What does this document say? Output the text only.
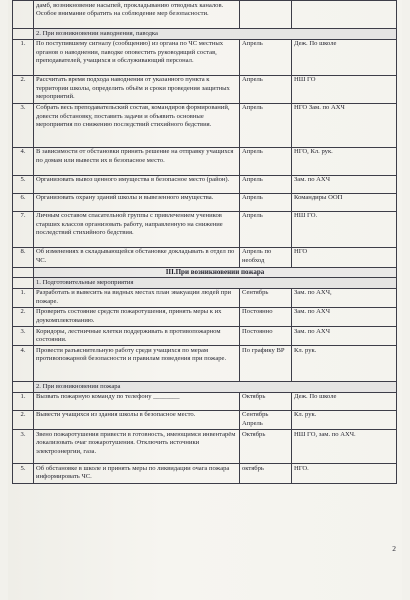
	дамб, возникновение насыпей, прокладыванию отводных каналов. Особое внимание обратить на соблюдение мер безопасности.		
	2. При возникновении наводнения, паводка		
1.	По поступившему сигналу (сообщению) из органа по ЧС местных органов о наводнении, паводке оповестить руководящий состав, преподавателей, учащихся и обслуживающий персонал.	Апрель	Деж. По школе
2.	Рассчитать время подхода наводнения от указанного пункта к территории школы, определить объём и сроки проведения защитных мероприятий.	Апрель	НШ ГО
3.	Собрать весь преподавательский состав, командиров формирований, довести обстановку, поставить задачи и объявить основные мероприятия по снижению последствий стихийного бедствия.	Апрель	НГО Зам. по АХЧ
4.	В зависимости от обстановки принять решение на отправку учащихся по домам или вывести их в безопасное место.	Апрель	НГО, Кл. рук.
5.	Организовать вывоз ценного имущества в безопасное место (район).	Апрель	Зам. по АХЧ
6.	Организовать охрану зданий школы и вывезенного имущества.	Апрель	Командиры ООП
7.	Личным составом спасательной группы с привлечением учеников старших классов организовать работу, направленную на снижение последствий стихийного бедствия.	Апрель	НШ ГО.
8.	Об изменениях в складывающейся обстановке докладывать в отдел по ЧС.	Апрель по необход	НГО
	III.При возникновении пожара		
	1. Подготовительные мероприятия		
1.	Разработать и вывесить на видных местах план эвакуации людей при пожаре.	Сентябрь	Зам. по АХЧ,
2.	Проверить состояние средств пожаротушения, принять меры к их доукомплектованию.	Постоянно	Зам. по АХЧ
3.	Коридоры, лестничные клетки поддерживать в противопожарном состоянии.	Постоянно	Зам. по АХЧ
4.	Провести разъяснительную работу среди учащихся по мерам противопожарной безопасности и правилам поведения при пожаре.	По графику ВР	Кл. рук.
	2. При возникновении пожара		
1.	Вызвать пожарную команду по телефону ________	Октябрь	Деж. По школе
2.	Вывести учащихся из здания школы в безопасное место.	Сентябрь Апрель	Кл. рук.
3.	Звено пожаротушения привести в готовность, имеющимся инвентарём локализовать очаг пожаротушения. Отключить источники электроэнергии, газа.	Октябрь	НШ ГО, зам. по АХЧ.
5.	Об обстановке в школе и принять меры по ликвидации очага пожара информировать ЧС.	октябрь	НГО.
2
